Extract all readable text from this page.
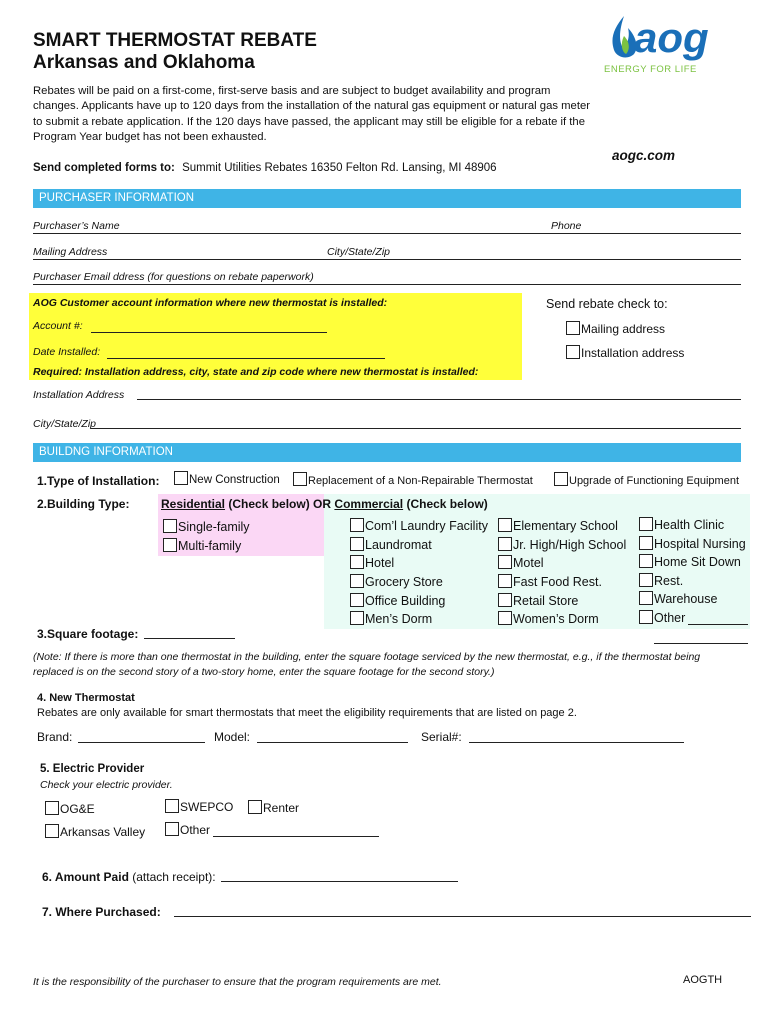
SMART THERMOSTAT REBATE
Arkansas and Oklahoma
aog
ENERGY FOR LIFE
Rebates will be paid on a first-come, first-serve basis and are subject to budget availability and program changes. Applicants have up to 120 days from the installation of the natural gas equipment or natural gas meter to submit a rebate application. If the 120 days have passed, the applicant may still be eligible for a rebate if the Program Year budget has not been exhausted.
aogc.com
Send completed forms to: Summit Utilities Rebates 16350 Felton Rd. Lansing, MI 48906
PURCHASER INFORMATION
Purchaser’s Name	Phone
Mailing Address	City/State/Zip
Purchaser Email ddress (for questions on rebate paperwork)
AOG Customer account information where new thermostat is installed:
Account #:
Date Installed:
Required: Installation address, city, state and zip code where new thermostat is installed:
Send rebate check to:
Mailing address
Installation address
Installation Address
City/State/Zip
BUILDNG INFORMATION
1.Type of Installation:	New Construction	Replacement of a Non-Repairable Thermostat	Upgrade of Functioning Equipment
2.Building Type:	Residential (Check below) OR Commercial (Check below)
Single-family
Multi-family
Com’l Laundry Facility
Laundromat
Hotel
Grocery Store
Office Building
Men’s Dorm
Elementary School
Jr. High/High School
Motel
Fast Food Rest.
Retail Store
Women’s Dorm
Health Clinic
Hospital Nursing
Home Sit Down
Rest.
Warehouse
Other
3.Square footage:
(Note: If there is more than one thermostat in the building, enter the square footage serviced by the new thermostat, e.g., if the thermostat being replaced is on the second story of a two-story home, enter the square footage for the second story.)
4. New Thermostat
Rebates are only available for smart thermostats that meet the eligibility requirements that are listed on page 2.
Brand:	Model:	Serial#:
5. Electric Provider
Check your electric provider.
OG&E	SWEPCO	Renter
Arkansas Valley	Other
6. Amount Paid (attach receipt):
7. Where Purchased:
It is the responsibility of the purchaser to ensure that the program requirements are met.	AOGTH
